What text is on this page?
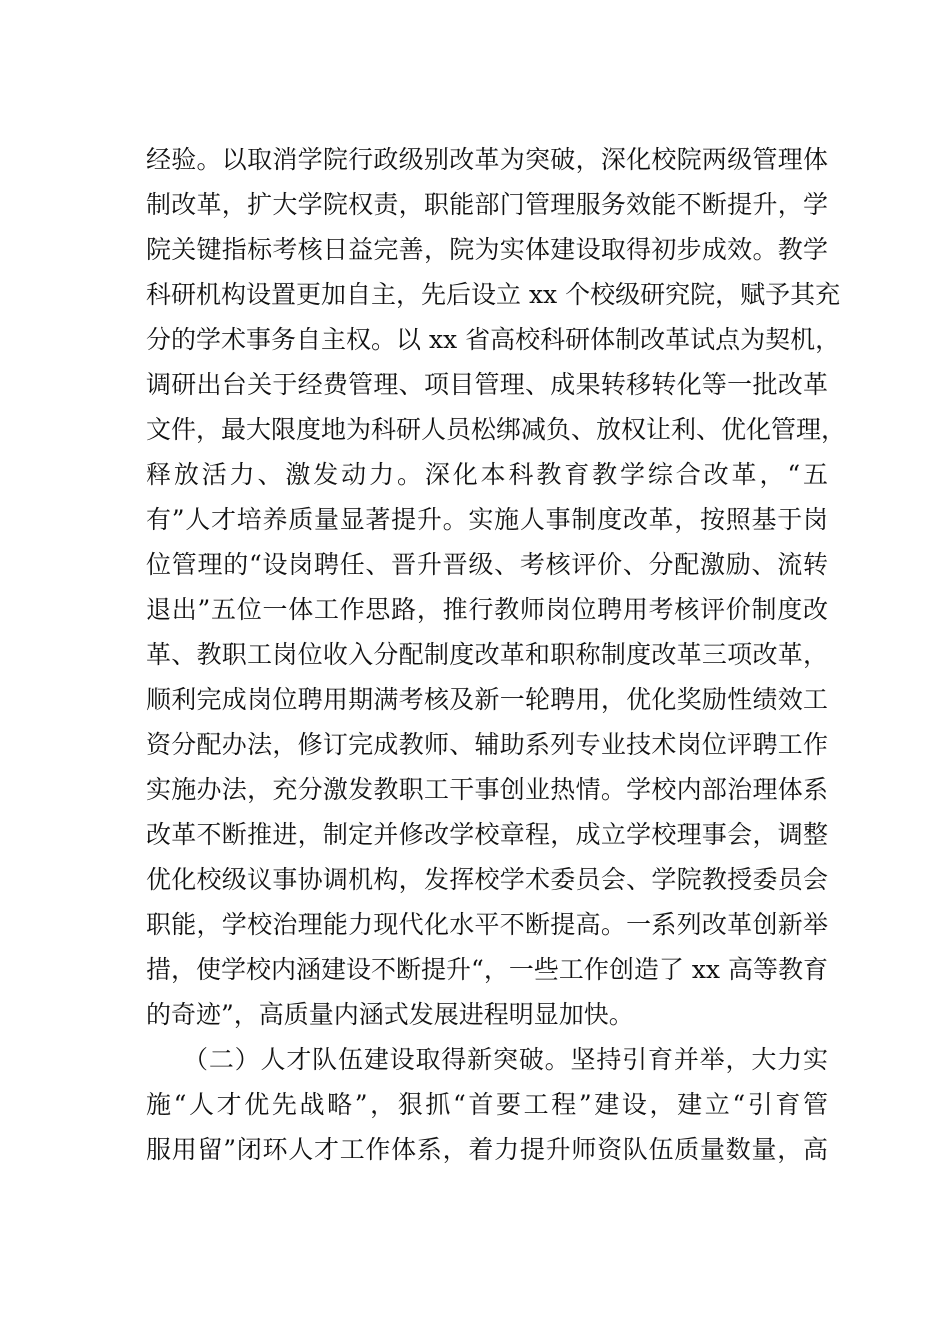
经验。以取消学院行政级别改革为突破，深化校院两级管理体
制改革，扩大学院权责，职能部门管理服务效能不断提升，学
院关键指标考核日益完善，院为实体建设取得初步成效。教学
科研机构设置更加自主，先后设立 xx 个校级研究院，赋予其充
分的学术事务自主权。以 xx 省高校科研体制改革试点为契机，
调研出台关于经费管理、项目管理、成果转移转化等一批改革
文件，最大限度地为科研人员松绑减负、放权让利、优化管理，
释放活力、激发动力。深化本科教育教学综合改革，“五
有”人才培养质量显著提升。实施人事制度改革，按照基于岗
位管理的“设岗聘任、晋升晋级、考核评价、分配激励、流转
退出”五位一体工作思路，推行教师岗位聘用考核评价制度改
革、教职工岗位收入分配制度改革和职称制度改革三项改革，
顺利完成岗位聘用期满考核及新一轮聘用，优化奖励性绩效工
资分配办法，修订完成教师、辅助系列专业技术岗位评聘工作
实施办法，充分激发教职工干事创业热情。学校内部治理体系
改革不断推进，制定并修改学校章程，成立学校理事会，调整
优化校级议事协调机构，发挥校学术委员会、学院教授委员会
职能，学校治理能力现代化水平不断提高。一系列改革创新举
措，使学校内涵建设不断提升“，一些工作创造了 xx 高等教育
的奇迹”，高质量内涵式发展进程明显加快。
（二）人才队伍建设取得新突破。坚持引育并举，大力实
施“人才优先战略”，狠抓“首要工程”建设，建立“引育管
服用留”闭环人才工作体系，着力提升师资队伍质量数量，高
